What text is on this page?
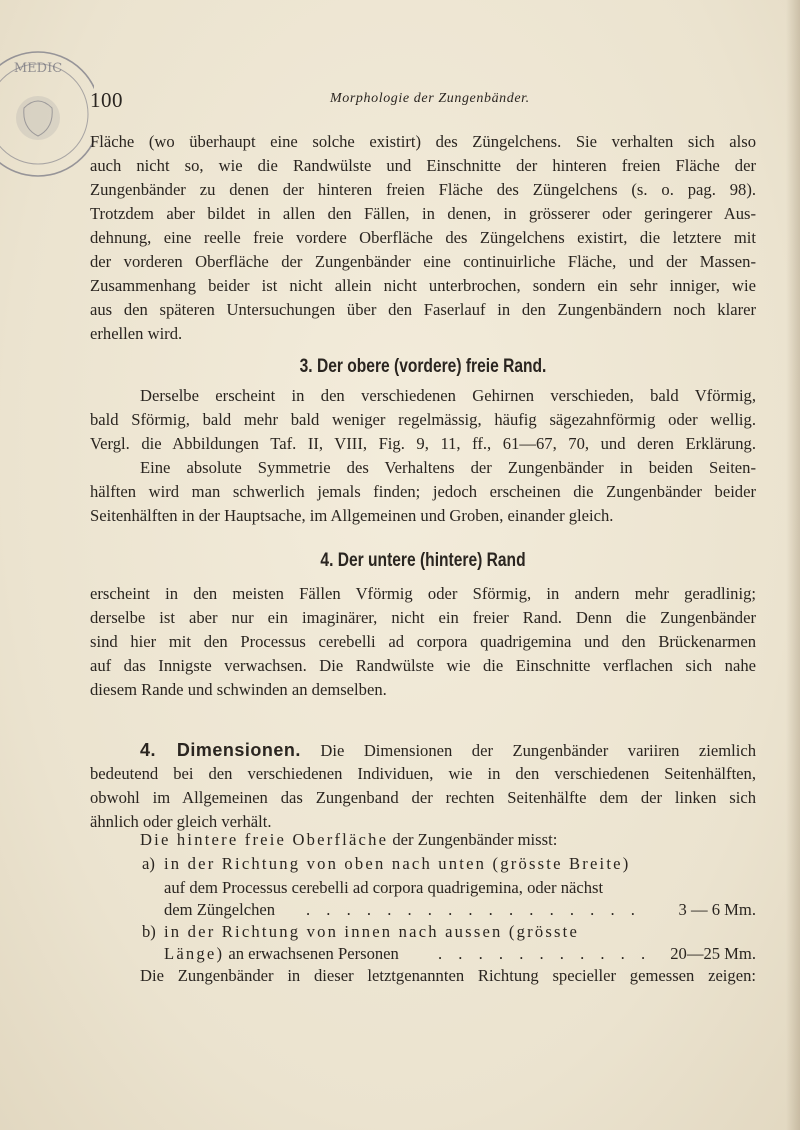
MEDIC
100	Morphologie der Zungenbänder.
Fläche (wo überhaupt eine solche existirt) des Züngelchens. Sie verhalten sich also
auch nicht so, wie die Randwülste und Einschnitte der hinteren freien Fläche der
Zungenbänder zu denen der hinteren freien Fläche des Züngelchens (s. o. pag. 98).
Trotzdem aber bildet in allen den Fällen, in denen, in grösserer oder geringerer Aus-
dehnung, eine reelle freie vordere Oberfläche des Züngelchens existirt, die letztere mit
der vorderen Oberfläche der Zungenbänder eine continuirliche Fläche, und der Massen-
Zusammenhang beider ist nicht allein nicht unterbrochen, sondern ein sehr inniger, wie
aus den späteren Untersuchungen über den Faserlauf in den Zungenbändern noch klarer
erhellen wird.
3. Der obere (vordere) freie Rand.
Derselbe erscheint in den verschiedenen Gehirnen verschieden, bald Vförmig,
bald Sförmig, bald mehr bald weniger regelmässig, häufig sägezahnförmig oder wellig.
Vergl. die Abbildungen Taf. II, VIII, Fig. 9, 11, ff., 61—67, 70, und deren Erklärung.
Eine absolute Symmetrie des Verhaltens der Zungenbänder in beiden Seiten-
hälften wird man schwerlich jemals finden; jedoch erscheinen die Zungenbänder beider
Seitenhälften in der Hauptsache, im Allgemeinen und Groben, einander gleich.
4. Der untere (hintere) Rand
erscheint in den meisten Fällen Vförmig oder Sförmig, in andern mehr geradlinig;
derselbe ist aber nur ein imaginärer, nicht ein freier Rand. Denn die Zungenbänder
sind hier mit den Processus cerebelli ad corpora quadrigemina und den Brückenarmen
auf das Innigste verwachsen. Die Randwülste wie die Einschnitte verflachen sich nahe
diesem Rande und schwinden an demselben.
4. Dimensionen. Die Dimensionen der Zungenbänder variiren ziemlich
bedeutend bei den verschiedenen Individuen, wie in den verschiedenen Seitenhälften,
obwohl im Allgemeinen das Zungenband der rechten Seitenhälfte dem der linken sich
ähnlich oder gleich verhält.
Die hintere freie Oberfläche der Zungenbänder misst:
a) in der Richtung von oben nach unten (grösste Breite)
auf dem Processus cerebelli ad corpora quadrigemina, oder nächst
dem Züngelchen . . . . . . . . . . . . . . . . .	3 — 6 Mm.
b) in der Richtung von innen nach aussen (grösste
Länge) an erwachsenen Personen . . . . . . . . . . .	20—25 Mm.
Die Zungenbänder in dieser letztgenannten Richtung specieller gemessen zeigen:
